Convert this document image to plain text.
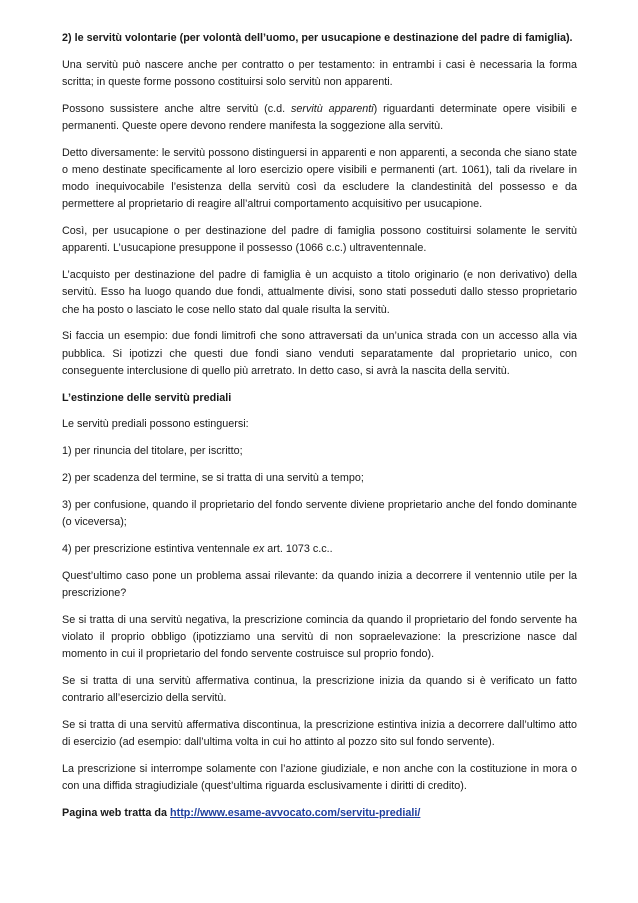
2) le servitù volontarie (per volontà dell’uomo, per usucapione e destinazione del padre di famiglia).

Una servitù può nascere anche per contratto o per testamento: in entrambi i casi è necessaria la forma scritta; in queste forme possono costituirsi solo servitù non apparenti.

Possono sussistere anche altre servitù (c.d. servitù apparenti) riguardanti determinate opere visibili e permanenti. Queste opere devono rendere manifesta la soggezione alla servitù.

Detto diversamente: le servitù possono distinguersi in apparenti e non apparenti, a seconda che siano state o meno destinate specificamente al loro esercizio opere visibili e permanenti (art. 1061), tali da rivelare in modo inequivocabile l’esistenza della servitù così da escludere la clandestinità del possesso e da permettere al proprietario di reagire all’altrui comportamento acquisitivo per usucapione.

Così, per usucapione o per destinazione del padre di famiglia possono costituirsi solamente le servitù apparenti. L’usucapione presuppone il possesso (1066 c.c.) ultraventennale.

L’acquisto per destinazione del padre di famiglia è un acquisto a titolo originario (e non derivativo) della servitù. Esso ha luogo quando due fondi, attualmente divisi, sono stati posseduti dallo stesso proprietario che ha posto o lasciato le cose nello stato dal quale risulta la servitù.

Si faccia un esempio: due fondi limitrofi che sono attraversati da un’unica strada con un accesso alla via pubblica. Si ipotizzi che questi due fondi siano venduti separatamente dal proprietario unico, con conseguente interclusione di quello più arretrato. In detto caso, si avrà la nascita della servitù.

L’estinzione delle servitù prediali

Le servitù prediali possono estinguersi:

1) per rinuncia del titolare, per iscritto;

2) per scadenza del termine, se si tratta di una servitù a tempo;

3) per confusione, quando il proprietario del fondo servente diviene proprietario anche del fondo dominante (o viceversa);

4) per prescrizione estintiva ventennale ex art. 1073 c.c..

Quest’ultimo caso pone un problema assai rilevante: da quando inizia a decorrere il ventennio utile per la prescrizione?

Se si tratta di una servitù negativa, la prescrizione comincia da quando il proprietario del fondo servente ha violato il proprio obbligo (ipotizziamo una servitù di non sopraelevazione: la prescrizione nasce dal momento in cui il proprietario del fondo servente costruisce sul proprio fondo).

Se si tratta di una servitù affermativa continua, la prescrizione inizia da quando si è verificato un fatto contrario all’esercizio della servitù.

Se si tratta di una servitù affermativa discontinua, la prescrizione estintiva inizia a decorrere dall’ultimo atto di esercizio (ad esempio: dall’ultima volta in cui ho attinto al pozzo sito sul fondo servente).

La prescrizione si interrompe solamente con l’azione giudiziale, e non anche con la costituzione in mora o con una diffida stragiudiziale (quest’ultima riguarda esclusivamente i diritti di credito).

Pagina web tratta da http://www.esame-avvocato.com/servitu-prediali/
